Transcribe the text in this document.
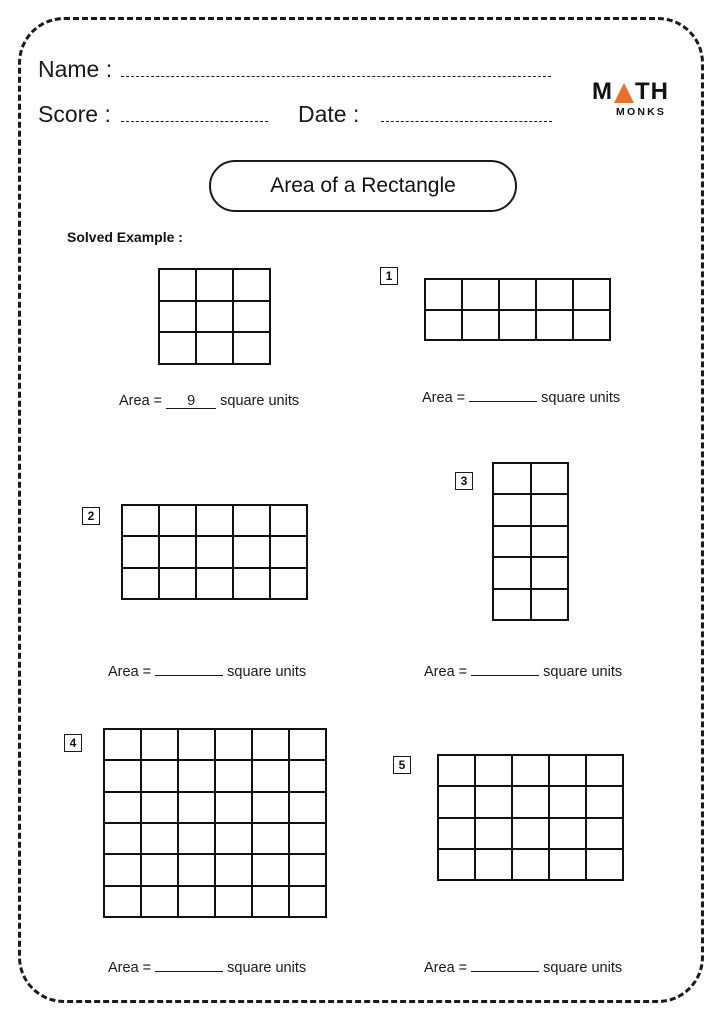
Name :
Score :	Date :
M TH
MONKS
Area of a Rectangle
Solved Example :

Area = 9 square units
1

Area =	square units
2

Area =	square units
3

Area =	square units
4

Area =	square units
5

Area =	square units
